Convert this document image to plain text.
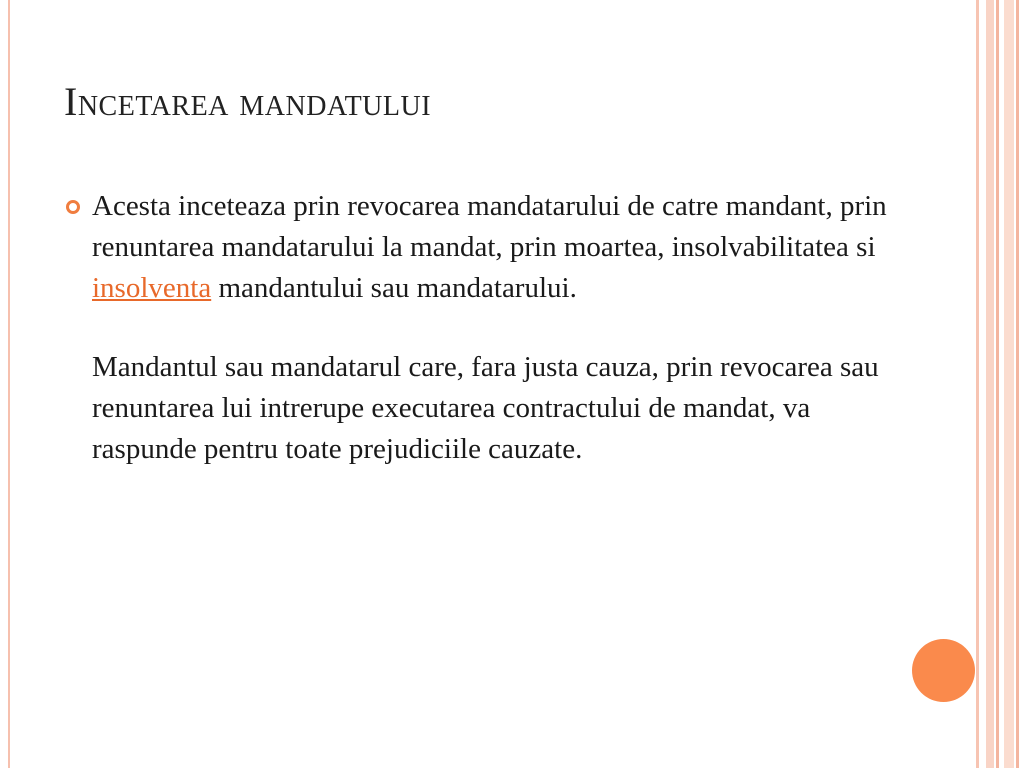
Incetarea mandatului
Acesta inceteaza prin revocarea mandatarului de catre mandant, prin renuntarea mandatarului la mandat, prin moartea, insolvabilitatea si insolventa mandantului sau mandatarului.
Mandantul sau mandatarul care, fara justa cauza, prin revocarea sau renuntarea lui intrerupe executarea contractului de mandat, va raspunde pentru toate prejudiciile cauzate.
